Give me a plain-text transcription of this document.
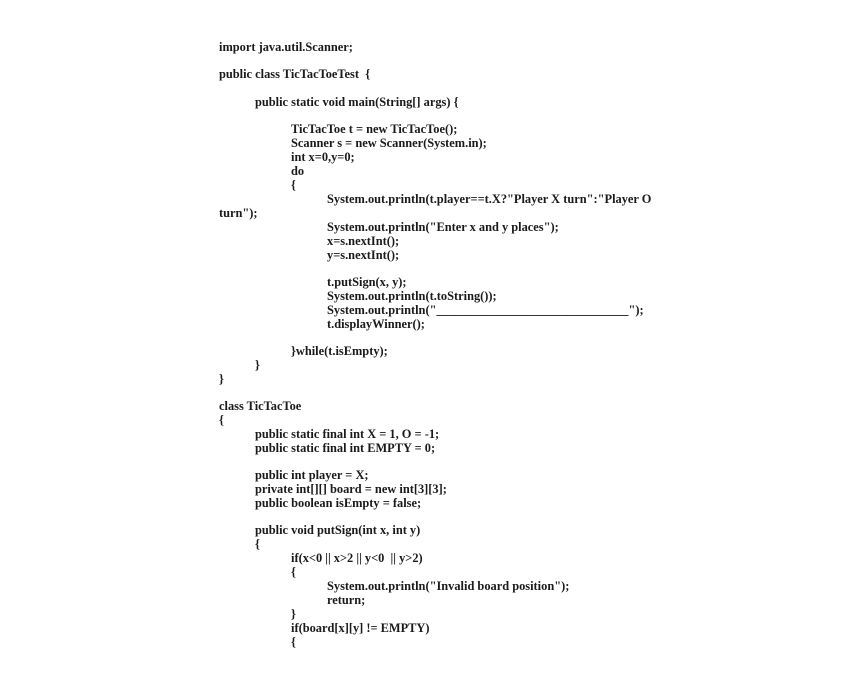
import java.util.Scanner;
public class TicTacToeTest  {
public static void main(String[] args) {
TicTacToe t = new TicTacToe();
Scanner s = new Scanner(System.in);
int x=0,y=0;
do
{
System.out.println(t.player==t.X?"Player X turn":"Player O
turn");
System.out.println("Enter x and y places");
x=s.nextInt();
y=s.nextInt();
t.putSign(x, y);
System.out.println(t.toString());
System.out.println("_______________________________");
t.displayWinner();
}while(t.isEmpty);
}
}
class TicTacToe
{
public static final int X = 1, O = -1;
public static final int EMPTY = 0;
public int player = X;
private int[][] board = new int[3][3];
public boolean isEmpty = false;
public void putSign(int x, int y)
{
if(x<0 || x>2 || y<0  || y>2)
{
System.out.println("Invalid board position");
return;
}
if(board[x][y] != EMPTY)
{
